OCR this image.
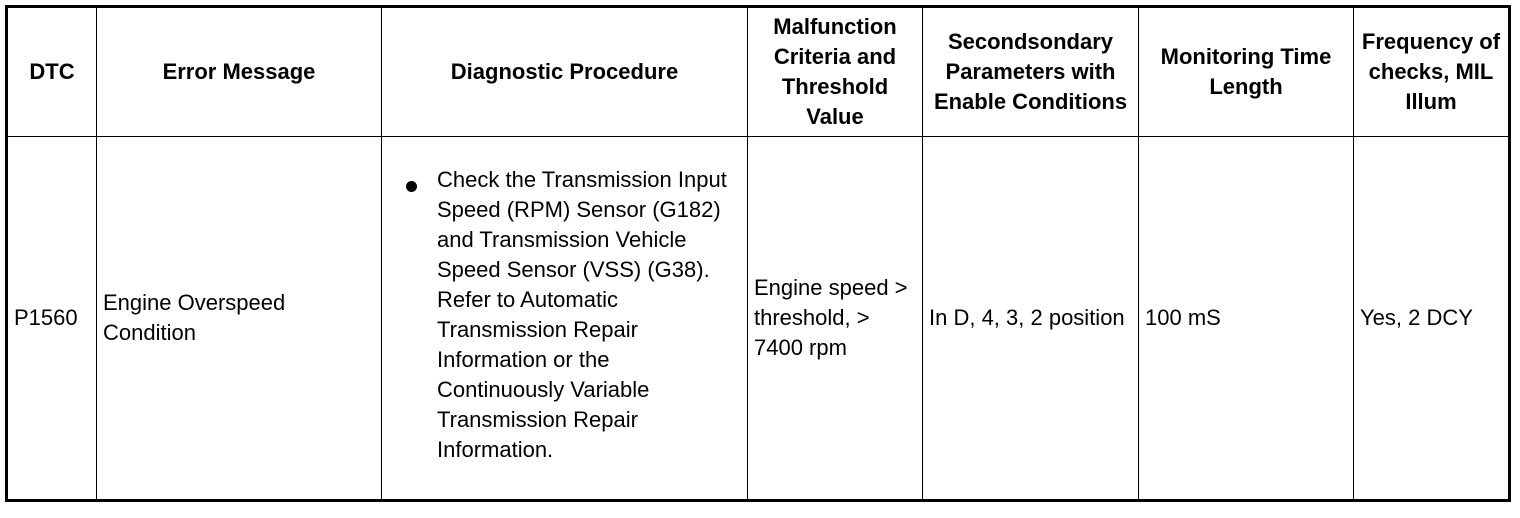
DTC	Error Message	Diagnostic Procedure	Malfunction Criteria and Threshold Value	Secondsondary Parameters with Enable Conditions	Monitoring Time Length	Frequency of checks, MIL Illum
P1560	Engine Overspeed Condition	Check the Transmission Input Speed (RPM) Sensor (G182) and Transmission Vehicle Speed Sensor (VSS) (G38). Refer to Automatic Transmission Repair Information or the Continuously Variable Transmission Repair Information.	Engine speed > threshold, > 7400 rpm	In D, 4, 3, 2 position	100 mS	Yes, 2 DCY
